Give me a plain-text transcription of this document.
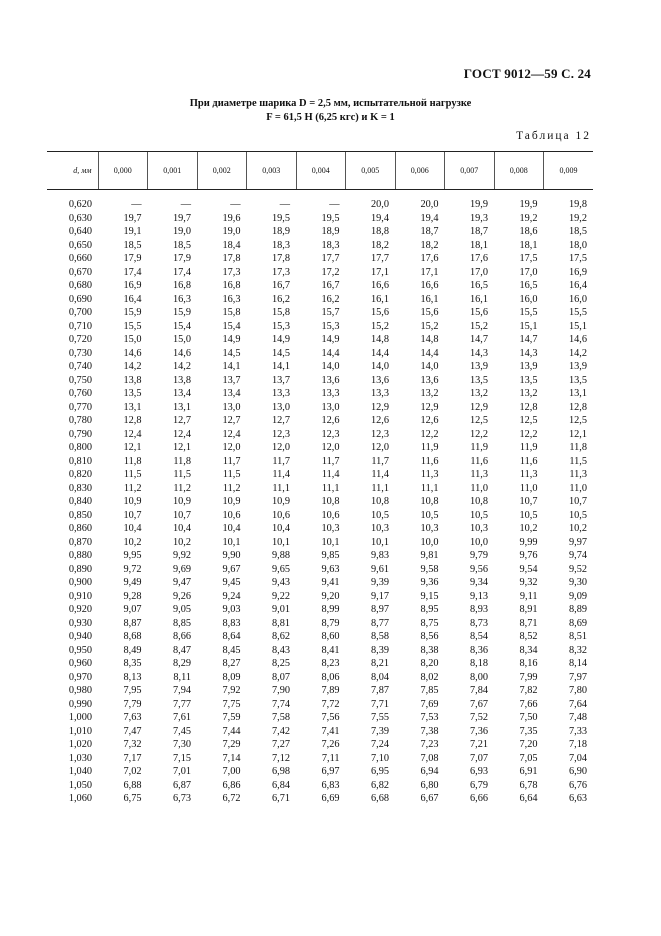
ГОСТ 9012—59 С. 24
При диаметре шарика D = 2,5 мм, испытательной нагрузке
F = 61,5 Н (6,25 кгс) и K = 1
Таблица 12
d, мм	0,000	0,001	0,002	0,003	0,004	0,005	0,006	0,007	0,008	0,009

0,620	—	—	—	—	—	20,0	20,0	19,9	19,9	19,8
0,630	19,7	19,7	19,6	19,5	19,5	19,4	19,4	19,3	19,2	19,2
0,640	19,1	19,0	19,0	18,9	18,9	18,8	18,7	18,7	18,6	18,5
0,650	18,5	18,5	18,4	18,3	18,3	18,2	18,2	18,1	18,1	18,0
0,660	17,9	17,9	17,8	17,8	17,7	17,7	17,6	17,6	17,5	17,5
0,670	17,4	17,4	17,3	17,3	17,2	17,1	17,1	17,0	17,0	16,9
0,680	16,9	16,8	16,8	16,7	16,7	16,6	16,6	16,5	16,5	16,4
0,690	16,4	16,3	16,3	16,2	16,2	16,1	16,1	16,1	16,0	16,0
0,700	15,9	15,9	15,8	15,8	15,7	15,6	15,6	15,6	15,5	15,5
0,710	15,5	15,4	15,4	15,3	15,3	15,2	15,2	15,2	15,1	15,1
0,720	15,0	15,0	14,9	14,9	14,9	14,8	14,8	14,7	14,7	14,6
0,730	14,6	14,6	14,5	14,5	14,4	14,4	14,4	14,3	14,3	14,2
0,740	14,2	14,2	14,1	14,1	14,0	14,0	14,0	13,9	13,9	13,9
0,750	13,8	13,8	13,7	13,7	13,6	13,6	13,6	13,5	13,5	13,5
0,760	13,5	13,4	13,4	13,3	13,3	13,3	13,2	13,2	13,2	13,1
0,770	13,1	13,1	13,0	13,0	13,0	12,9	12,9	12,9	12,8	12,8
0,780	12,8	12,7	12,7	12,7	12,6	12,6	12,6	12,5	12,5	12,5
0,790	12,4	12,4	12,4	12,3	12,3	12,3	12,2	12,2	12,2	12,1
0,800	12,1	12,1	12,0	12,0	12,0	12,0	11,9	11,9	11,9	11,8
0,810	11,8	11,8	11,7	11,7	11,7	11,7	11,6	11,6	11,6	11,5
0,820	11,5	11,5	11,5	11,4	11,4	11,4	11,3	11,3	11,3	11,3
0,830	11,2	11,2	11,2	11,1	11,1	11,1	11,1	11,0	11,0	11,0
0,840	10,9	10,9	10,9	10,9	10,8	10,8	10,8	10,8	10,7	10,7
0,850	10,7	10,7	10,6	10,6	10,6	10,5	10,5	10,5	10,5	10,5
0,860	10,4	10,4	10,4	10,4	10,3	10,3	10,3	10,3	10,2	10,2
0,870	10,2	10,2	10,1	10,1	10,1	10,1	10,0	10,0	9,99	9,97
0,880	9,95	9,92	9,90	9,88	9,85	9,83	9,81	9,79	9,76	9,74
0,890	9,72	9,69	9,67	9,65	9,63	9,61	9,58	9,56	9,54	9,52
0,900	9,49	9,47	9,45	9,43	9,41	9,39	9,36	9,34	9,32	9,30
0,910	9,28	9,26	9,24	9,22	9,20	9,17	9,15	9,13	9,11	9,09
0,920	9,07	9,05	9,03	9,01	8,99	8,97	8,95	8,93	8,91	8,89
0,930	8,87	8,85	8,83	8,81	8,79	8,77	8,75	8,73	8,71	8,69
0,940	8,68	8,66	8,64	8,62	8,60	8,58	8,56	8,54	8,52	8,51
0,950	8,49	8,47	8,45	8,43	8,41	8,39	8,38	8,36	8,34	8,32
0,960	8,35	8,29	8,27	8,25	8,23	8,21	8,20	8,18	8,16	8,14
0,970	8,13	8,11	8,09	8,07	8,06	8,04	8,02	8,00	7,99	7,97
0,980	7,95	7,94	7,92	7,90	7,89	7,87	7,85	7,84	7,82	7,80
0,990	7,79	7,77	7,75	7,74	7,72	7,71	7,69	7,67	7,66	7,64
1,000	7,63	7,61	7,59	7,58	7,56	7,55	7,53	7,52	7,50	7,48
1,010	7,47	7,45	7,44	7,42	7,41	7,39	7,38	7,36	7,35	7,33
1,020	7,32	7,30	7,29	7,27	7,26	7,24	7,23	7,21	7,20	7,18
1,030	7,17	7,15	7,14	7,12	7,11	7,10	7,08	7,07	7,05	7,04
1,040	7,02	7,01	7,00	6,98	6,97	6,95	6,94	6,93	6,91	6,90
1,050	6,88	6,87	6,86	6,84	6,83	6,82	6,80	6,79	6,78	6,76
1,060	6,75	6,73	6,72	6,71	6,69	6,68	6,67	6,66	6,64	6,63
